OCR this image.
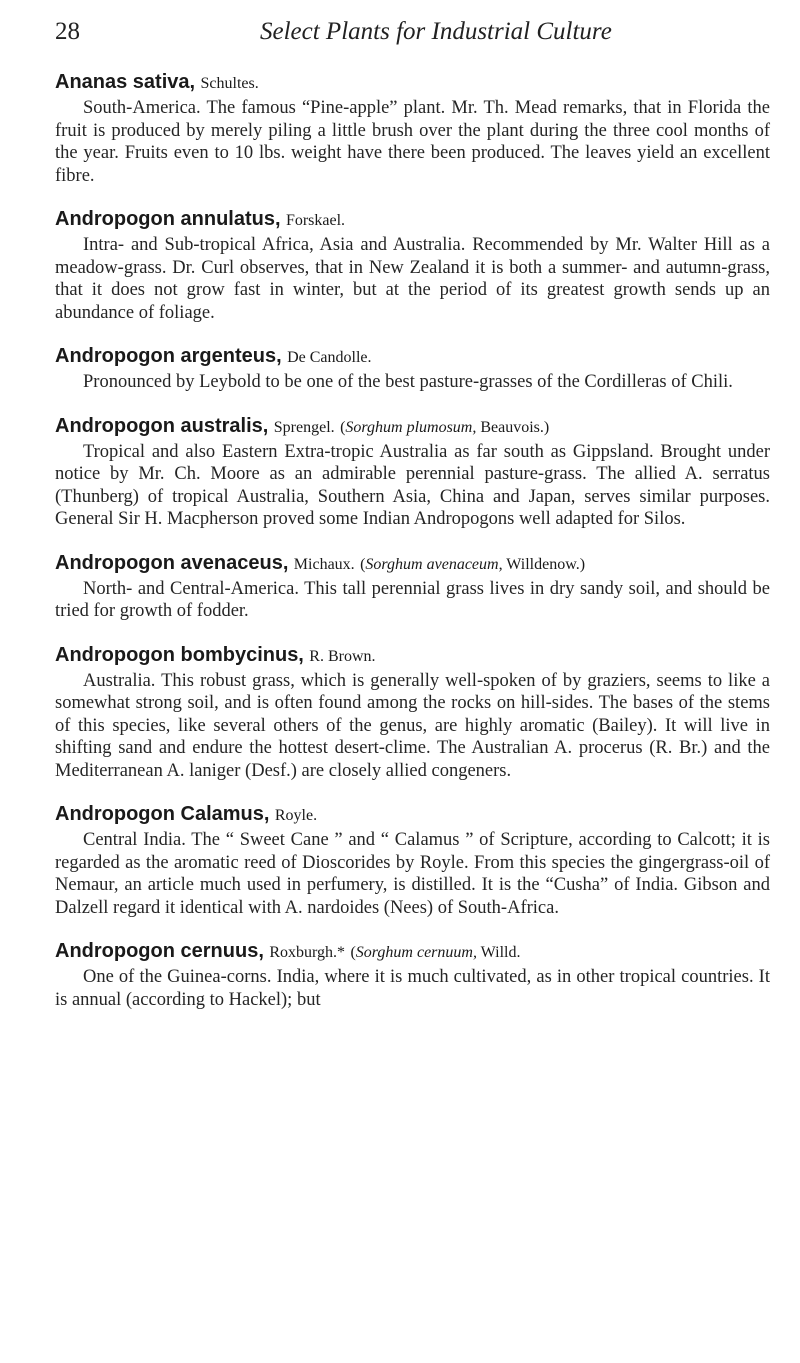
28	Select Plants for Industrial Culture

Ananas sativa, Schultes.

South-America. The famous “Pine-apple” plant. Mr. Th. Mead remarks, that in Florida the fruit is produced by merely piling a little brush over the plant during the three cool months of the year. Fruits even to 10 lbs. weight have there been produced. The leaves yield an excellent fibre.

Andropogon annulatus, Forskael.

Intra- and Sub-tropical Africa, Asia and Australia. Recommended by Mr. Walter Hill as a meadow-grass. Dr. Curl observes, that in New Zealand it is both a summer- and autumn-grass, that it does not grow fast in winter, but at the period of its greatest growth sends up an abundance of foliage.

Andropogon argenteus, De Candolle.

Pronounced by Leybold to be one of the best pasture-grasses of the Cordilleras of Chili.

Andropogon australis, Sprengel. (Sorghum plumosum, Beauvois.)

Tropical and also Eastern Extra-tropic Australia as far south as Gippsland. Brought under notice by Mr. Ch. Moore as an admirable perennial pasture-grass. The allied A. serratus (Thunberg) of tropical Australia, Southern Asia, China and Japan, serves similar purposes. General Sir H. Macpherson proved some Indian Andropogons well adapted for Silos.

Andropogon avenaceus, Michaux. (Sorghum avenaceum, Willdenow.)

North- and Central-America. This tall perennial grass lives in dry sandy soil, and should be tried for growth of fodder.

Andropogon bombycinus, R. Brown.

Australia. This robust grass, which is generally well-spoken of by graziers, seems to like a somewhat strong soil, and is often found among the rocks on hill-sides. The bases of the stems of this species, like several others of the genus, are highly aromatic (Bailey). It will live in shifting sand and endure the hottest desert-clime. The Australian A. procerus (R. Br.) and the Mediterranean A. laniger (Desf.) are closely allied congeners.

Andropogon Calamus, Royle.

Central India. The “ Sweet Cane ” and “ Calamus ” of Scripture, according to Calcott; it is regarded as the aromatic reed of Dioscorides by Royle. From this species the gingergrass-oil of Nemaur, an article much used in perfumery, is distilled. It is the “Cusha” of India. Gibson and Dalzell regard it identical with A. nardoides (Nees) of South-Africa.

Andropogon cernuus, Roxburgh.* (Sorghum cernuum, Willd.

One of the Guinea-corns. India, where it is much cultivated, as in other tropical countries. It is annual (according to Hackel); but
